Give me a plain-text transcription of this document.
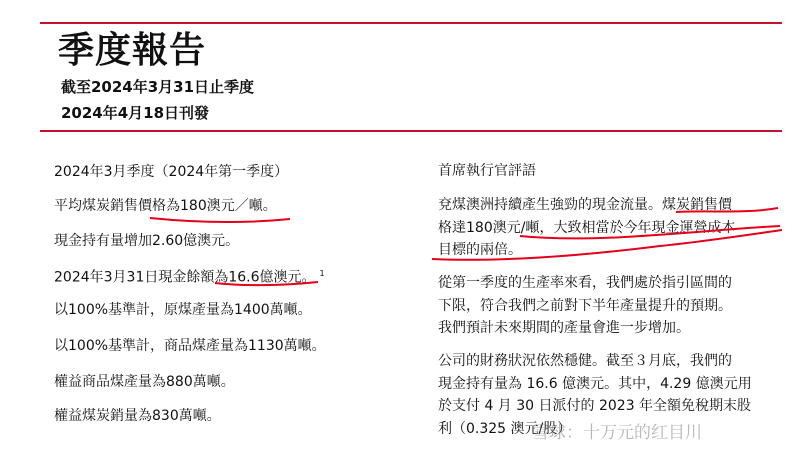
季度報告
截至2024年3月31日止季度
2024年4月18日刊發
2024年3月季度（2024年第一季度）
平均煤炭銷售價格為180澳元／噸。
現金持有量增加2.60億澳元。
2024年3月31日現金餘額為16.6億澳元。 $^1$
以100%基準計，原煤產量為1400萬噸。
以100%基準計，商品煤產量為1130萬噸。
權益商品煤產量為880萬噸。
權益煤炭銷量為830萬噸。
首席執行官評語
兗煤澳洲持續產生強勁的現金流量。煤炭銷售價
格達180澳元/噸，大致相當於今年現金運營成本
目標的兩倍。
從第一季度的生產率來看，我們處於指引區間的
下限，符合我們之前對下半年產量提升的預期。
我們預計未來期間的產量會進一步增加。
公司的財務狀況依然穩健。截至３月底，我們的
現金持有量為 16.6 億澳元。其中，4.29 億澳元用
於支付 4 月 30 日派付的 2023 年全額免稅期末股
利（0.325 澳元/股）
雪球：十万元的红目川
